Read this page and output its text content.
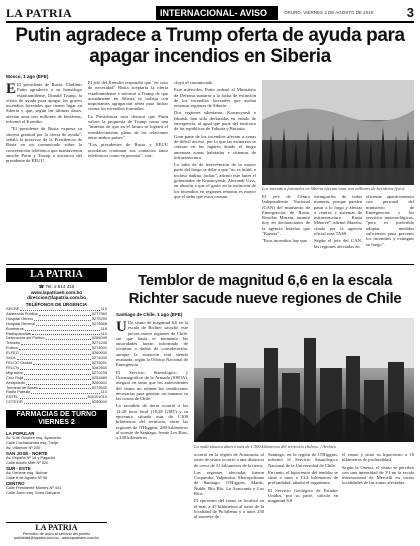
LA PATRIA	INTERNACIONAL- AVISO	ORURO, VIERNES 2 DE AGOSTO DE 2019	3
Putin agradece a Trump oferta de ayuda para apagar incendios en Siberia
Moscú, 1 ago (EFE)

E El presidente de Rusia, Vladímir Putin agradeció a su homólogo estadounidense, Donald Trump, la oferta de ayuda para apagar los graves incendios forestales que tienen lugar en Siberia y que, según las últimas datos, afectan unas tres millones de hectáreas, informó el Kremlin.

"El presidente de Rusia expresa su sincera gratitud por la oferta de ayuda", señaló la portavoz de la Presidencia de Rusia en un comunicado sobre la conversación telefónica que mantuvieron anoche Putin y Trump a iniciativa del presidente de EEUU.

El jefe del Kremlin respondió que "en caso de necesidad" Rusia aceptaría la oferta estadounidense e informó a Trump de que actualmente en Siberia se trabaja con importantes agrupación aérea para luchar contra los incendios forestales.

La Presidencia rusa destacó que Putin valoró la propuesta de Trump como una "muestra de que en el futuro se logrará el restablecimiento pleno de las relaciones entre ambos países".

"Los presidentes de Rusia y EEUU acordaron continuar sus contactos tanto telefónicos como en persona", con-

cluyó el comunicado.

Este miércoles, Putin ordenó al Ministerio de Defensa sumarse a la lucha de extinción de los incendios forestales que asolan extensas regiones de Siberia.

Dos regiones siberianas, Krasnoyarsk e Irkutsk, han sido declaradas en estado de emergencia, al igual que parte del territorio de las repúblicas de Yakutia y Buriatia.

Gran parte de los incendios afectan a zonas de difícil acceso, por lo que las esfuerzos se centran en las lugares donde el fuego amenaza zonas habitadas e sistemas de infraestructura.

La falta de de intervención de la mayor parte del fuego se debe a que "no es inútil, e incluso dañina, luchar", afirmó este lunes el gobernador de Krasnoyarsk, Alexandr Usss, en alusión a que el gasto en la extinción de los incendios en regiones remotas es mayor que el daño que estos causan.

Los incendios forestales en Siberia afectan unas tres millones de hectáreas (foto).

El jefe de Centro Independiente Nacional (CAN) del ministerio de Emergencias de Rusia, Rostilav Mazein, asumió hoy en declaraciones de la agencia Interfax que "Kansas" ...

"Esos incendios hay que

extinguirlos de todas maneras, porque pueden pasar a lo largo y afectar a centros y sistemas de infraestructura Kasta Ménevé", afirmó Mazein, citado por la agencia oficial rusa TASS.

Según el jefe del CAN, las regiones afectadas en

eficiente aparticiamento con personal del ministerio de Emergencias y los servicios meteorológicos, "pero es preferible adoptar medidas suficientes para prevenir los incendios y extinguir su fuego".

LA PATRIA
☎ Tel. 2 514 415
www.lapatriaen.com.bo
direccion@lapatria.com.bo
TELÉFONOS DE URGENCIA
SECRE	110
Asistencia Pública	5277360
Hospital Obrero	5275290
Hospital General	5276666
Bomberos	119
Radiopatrullas	110
Defensoría del Pueblo	5284049
Tránsito	5271240
Policía	5274001
ELFEO	5260000
SeLA	5274040
FELCC Ciudad	5275091
FELCN	5262650
Migración	5270239
Cruz Roja	5254680
Aeropuerto	5260601
Terminal de Buses	5279535
Radio Patrulla	110
ENTEL	800101010
COTEOR	5250000
FARMACIAS DE TURNO
VIERNES 2
LA POPULAR
Av. 6 de Octubre esq. Ayacucho
Calle Cochabamba esq. Tarija
Av. Villarroel Nº 200
SAN JOSÉ - NORTE
Av. España Nº 18 y Pagador
Calle Adolfo Mier Nº 520
SUR - ESTE
Av. Dehene esq. Bolívar
Calle 6 de Agosto Nº 95
CENTRO
Calle Presidente Montes Nº 441
Calle Junín esq. Soria Galvarro
LA PATRIA
Periódico de oruro al servicio del pueblo
publicidad@lapatria.com.bo - www.lapatriaen.com.bo
Temblor de magnitud 6,6 en la escala Richter sacude nueve regiones de Chile
Santiago de Chile, 1 ago (EFE)

U Un sismo de magnitud 6,6 en la escala de Richter sacudió este jueves nueve regiones de Chile, sin que hasta el momento las autoridades hayan informado de víctimas o daños de consideración, aunque la situación está siendo evaluada, según la Oficina Nacional de Emergencia.

El Servicio Sismológico y Oceanográfico de la Armada (SHOA), aseguró en tanto que los antecedentes del sismo no reúnen las condiciones necesarias para generar un tsunami en las costas de Chile.

La sacudida de tierra ocurrió a las 14:28 hora local (18.28 GMT) y su epicentro situado más de 1.300 kilómetros del territorio, entre las regiones de O'Higgins, 280 kilómetros al sureste de Santiago, frente Los Ríos, a 330 kilómetros

La onda sísmica abarcó más de 1.300 kilómetros del territorio chileno. / Archivo

ocurrió en la región de Araucanía, al oeste de sismo ocurrió a una distancia de cerca de 31 kilómetros de la tierra.

Las regiones afectadas fueron Coquimbo, Valparaíso, Metropolitana de Santiago, O'Higgins, Maule, Ñuble, Bío Bío, La Araucanía y Los Ríos.

El epicentro del sismo se localizó en el mar, a 47 kilómetros al oeste de la localidad de Pichilemu y a unos 250 al suroeste de

Santiago, en la región de O'Higgins, informó el Servicio Sismológico Nacional de la Universidad de Chile.

En tanto, el hipocentro del temblor se situó a unos a 13,2 kilómetros de profundidad, añadió el organismo.

El Servicio Geológico de Estados Unidos, por su parte, calculó en magnitud 6,8

el sismo y situó su hipocentro a 10 kilómetros de profundidad.

Según la Onemi, el sismo se percibió con una intensidad de VI en la escala internacional de Mercalli en varias localidades de las zonas afectadas.
